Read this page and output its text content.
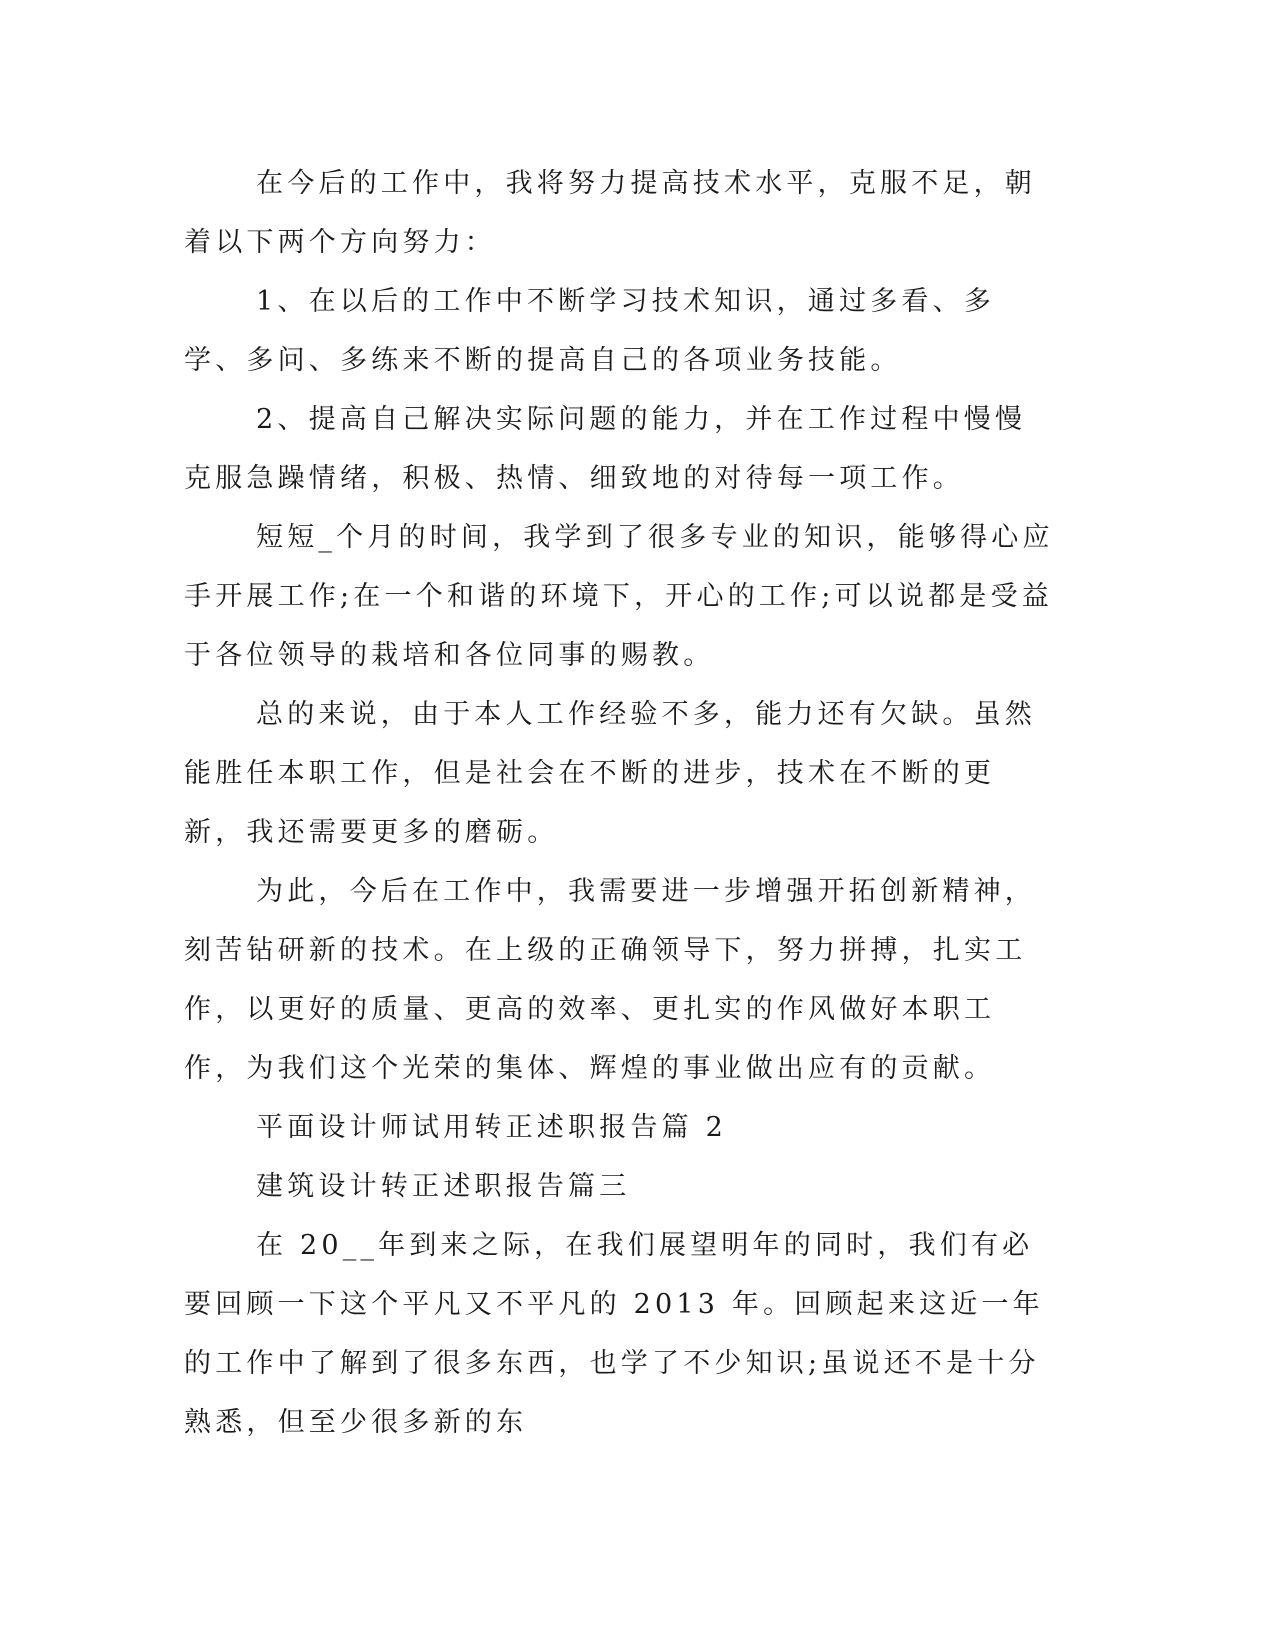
在今后的工作中，我将努力提高技术水平，克服不足，朝着以下两个方向努力：

1、在以后的工作中不断学习技术知识，通过多看、多学、多问、多练来不断的提高自己的各项业务技能。

2、提高自己解决实际问题的能力，并在工作过程中慢慢克服急躁情绪，积极、热情、细致地的对待每一项工作。

短短_个月的时间，我学到了很多专业的知识，能够得心应手开展工作;在一个和谐的环境下，开心的工作;可以说都是受益于各位领导的栽培和各位同事的赐教。

总的来说，由于本人工作经验不多，能力还有欠缺。虽然能胜任本职工作，但是社会在不断的进步，技术在不断的更新，我还需要更多的磨砺。

为此，今后在工作中，我需要进一步增强开拓创新精神，刻苦钻研新的技术。在上级的正确领导下，努力拼搏，扎实工作，以更好的质量、更高的效率、更扎实的作风做好本职工作，为我们这个光荣的集体、辉煌的事业做出应有的贡献。

平面设计师试用转正述职报告篇 2

建筑设计转正述职报告篇三

在 20__年到来之际，在我们展望明年的同时，我们有必要回顾一下这个平凡又不平凡的 2013 年。回顾起来这近一年的工作中了解到了很多东西，也学了不少知识;虽说还不是十分熟悉，但至少很多新的东
